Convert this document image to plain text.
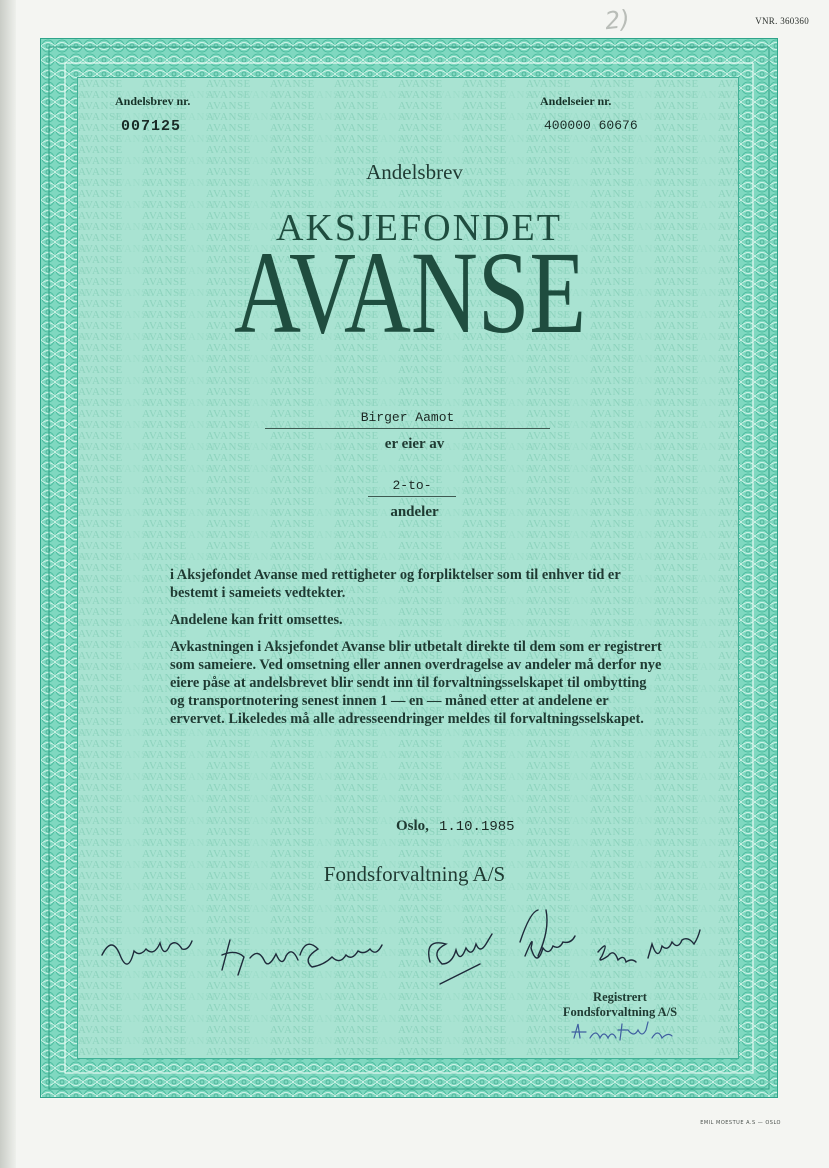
VNR. 360360
2)
Andelsbrev nr.
007125
Andelseier nr.
400000 60676
Andelsbrev
AKSJEFONDET
AVANSE
Birger Aamot
er eier av
2-to-
andeler

i Aksjefondet Avanse med rettigheter og forpliktelser som til enhver tid er bestemt i sameiets vedtekter.

Andelene kan fritt omsettes.

Avkastningen i Aksjefondet Avanse blir utbetalt direkte til dem som er registrert som sameiere. Ved omsetning eller annen overdragelse av andeler må derfor nye eiere påse at andelsbrevet blir sendt inn til forvaltningsselskapet til ombytting og transportnotering senest innen 1 — en — måned etter at andelene er ervervet. Likeledes må alle adresseendringer meldes til forvaltningsselskapet.

Oslo, 1.10.1985
Fondsforvaltning A/S
Registrert
Fondsforvaltning A/S
EMIL MOESTUE A.S — OSLO
